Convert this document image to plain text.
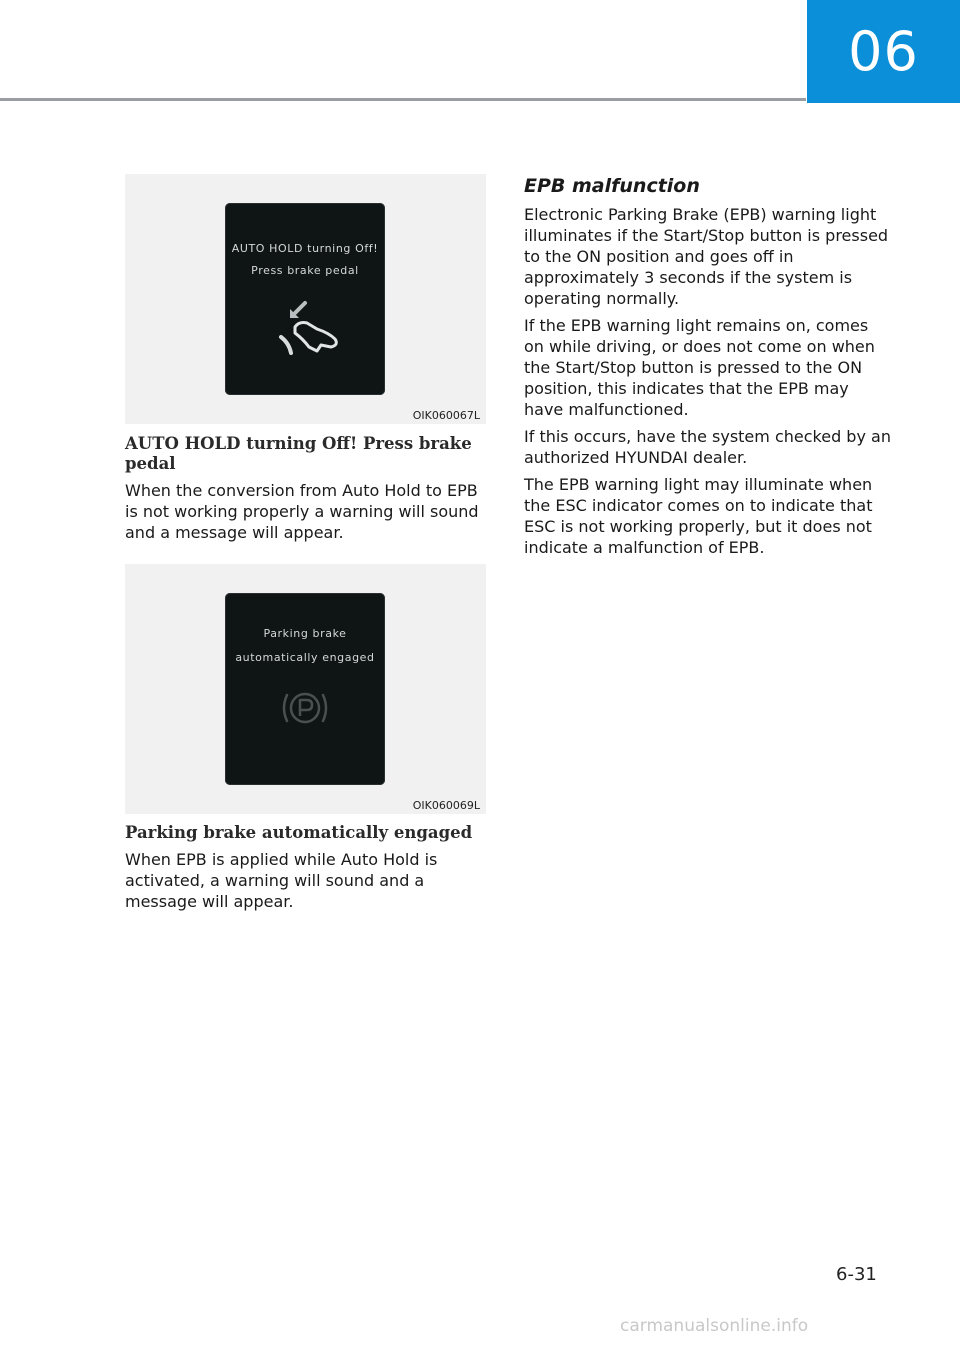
06
AUTO HOLD turning Off!
Press brake pedal
OIK060067L

AUTO HOLD turning Off! Press brake pedal

When the conversion from Auto Hold to EPB is not working properly a warning will sound and a message will appear.

Parking brake
automatically engaged
OIK060069L

Parking brake automatically engaged

When EPB is applied while Auto Hold is activated, a warning will sound and a message will appear.

EPB malfunction

Electronic Parking Brake (EPB) warning light illuminates if the Start/Stop button is pressed to the ON position and goes off in approximately 3 seconds if the system is operating normally.

If the EPB warning light remains on, comes on while driving, or does not come on when the Start/Stop button is pressed to the ON position, this indicates that the EPB may have malfunctioned.

If this occurs, have the system checked by an authorized HYUNDAI dealer.

The EPB warning light may illuminate when the ESC indicator comes on to indicate that ESC is not working properly, but it does not indicate a malfunction of EPB.

6-31
carmanualsonline.info
